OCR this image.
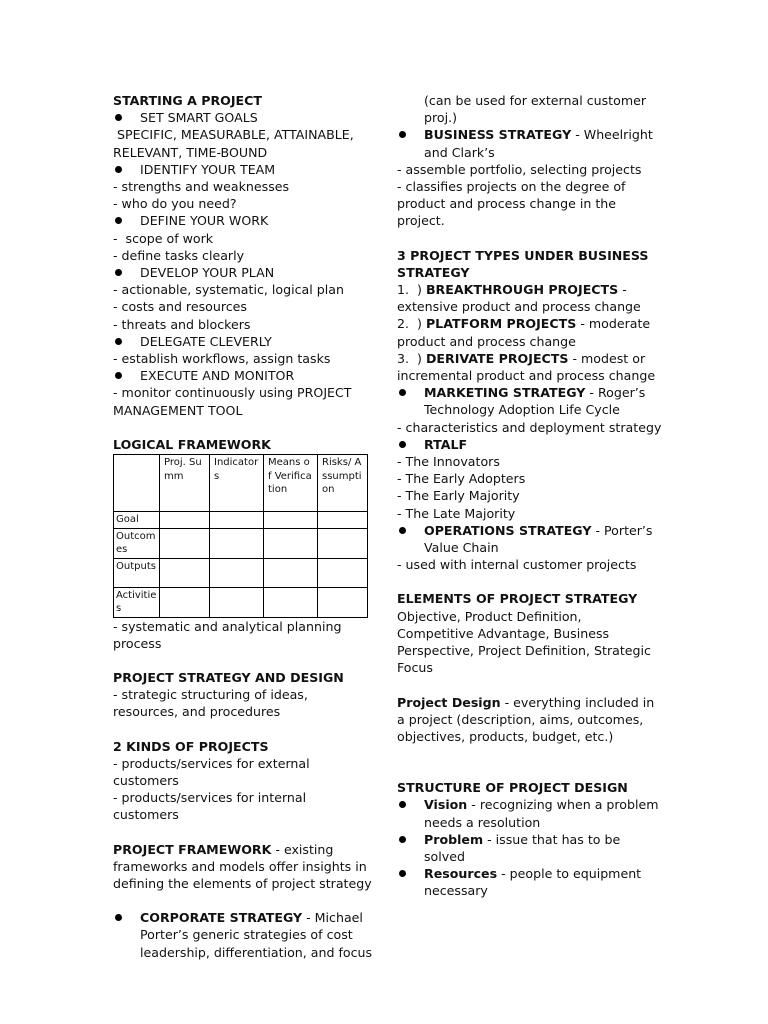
STARTING A PROJECT

SET SMART GOALS

SPECIFIC, MEASURABLE, ATTAINABLE, RELEVANT, TIME-BOUND

IDENTIFY YOUR TEAM

- strengths and weaknesses

- who do you need?

DEFINE YOUR WORK

-  scope of work

- define tasks clearly

DEVELOP YOUR PLAN

- actionable, systematic, logical plan

- costs and resources

- threats and blockers

DELEGATE CLEVERLY

- establish workflows, assign tasks

EXECUTE AND MONITOR

- monitor continuously using PROJECT MANAGEMENT TOOL

LOGICAL FRAMEWORK

	Proj. Summ	Indicators	Means of Verification	Risks/ Assumption
Goal				
Outcomes				
Outputs				
Activities				

- systematic and analytical planning process

PROJECT STRATEGY AND DESIGN

- strategic structuring of ideas, resources, and procedures

2 KINDS OF PROJECTS

- products/services for external customers

- products/services for internal customers

PROJECT FRAMEWORK - existing frameworks and models offer insights in defining the elements of project strategy

CORPORATE STRATEGY - Michael Porter’s generic strategies of cost leadership, differentiation, and focus

(can be used for external customer proj.)

BUSINESS STRATEGY - Wheelright and Clark’s

- assemble portfolio, selecting projects

- classifies projects on the degree of product and process change in the project.

3 PROJECT TYPES UNDER BUSINESS STRATEGY

1.  ) BREAKTHROUGH PROJECTS - extensive product and process change

2.  ) PLATFORM PROJECTS - moderate product and process change

3.  ) DERIVATE PROJECTS - modest or incremental product and process change

MARKETING STRATEGY - Roger’s Technology Adoption Life Cycle

- characteristics and deployment strategy

RTALF

- The Innovators

- The Early Adopters

- The Early Majority

- The Late Majority

OPERATIONS STRATEGY - Porter’s Value Chain

- used with internal customer projects

ELEMENTS OF PROJECT STRATEGY

Objective, Product Definition, Competitive Advantage, Business Perspective, Project Definition, Strategic Focus

Project Design - everything included in a project (description, aims, outcomes, objectives, products, budget, etc.)

STRUCTURE OF PROJECT DESIGN

Vision - recognizing when a problem needs a resolution

Problem - issue that has to be solved

Resources - people to equipment necessary
